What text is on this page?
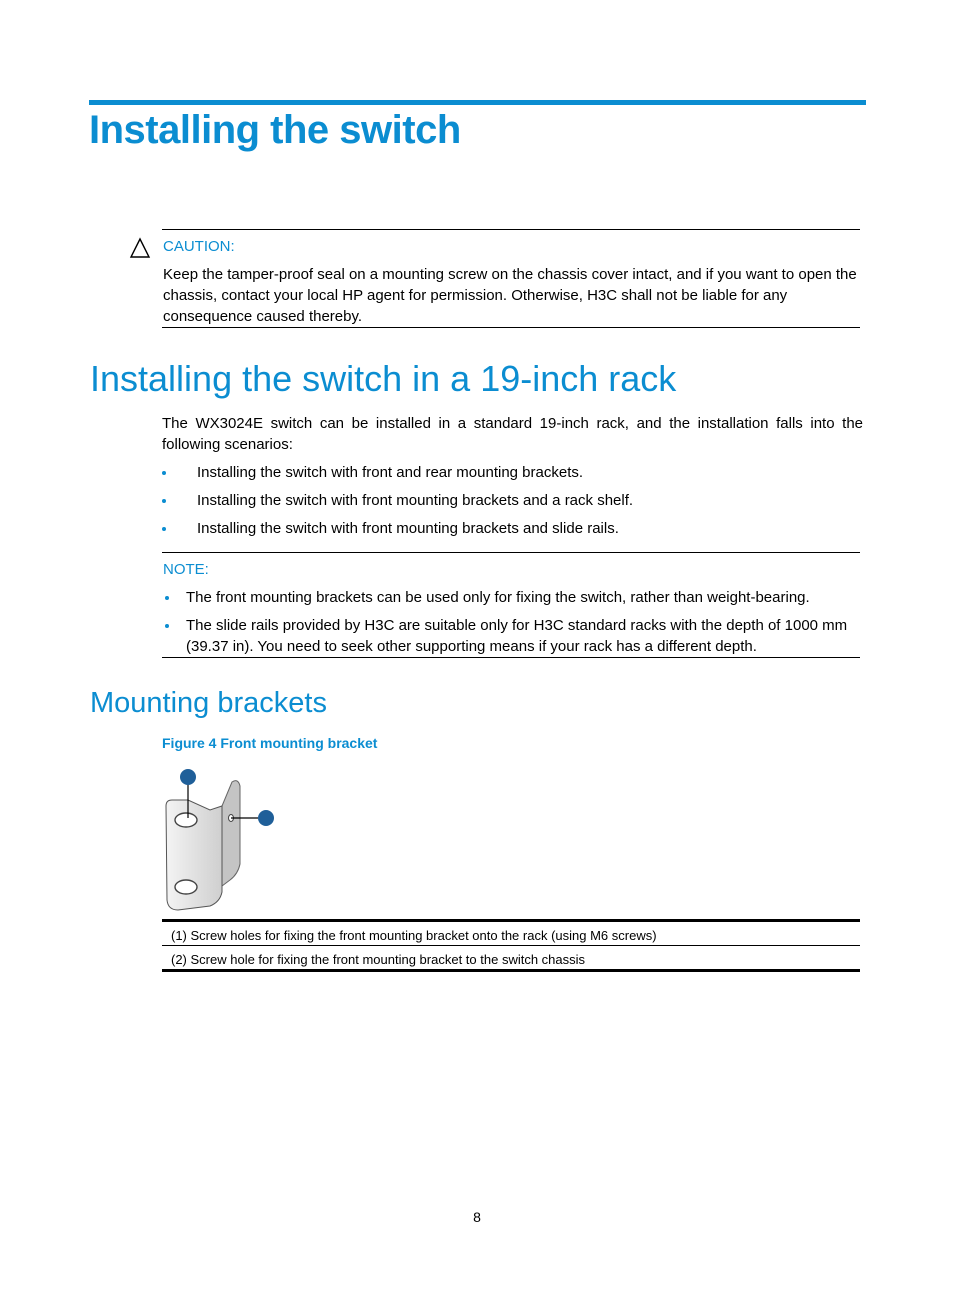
Installing the switch
CAUTION:
Keep the tamper-proof seal on a mounting screw on the chassis cover intact, and if you want to open the chassis, contact your local HP agent for permission. Otherwise, H3C shall not be liable for any consequence caused thereby.
Installing the switch in a 19-inch rack
The WX3024E switch can be installed in a standard 19-inch rack, and the installation falls into the following scenarios:
Installing the switch with front and rear mounting brackets.
Installing the switch with front mounting brackets and a rack shelf.
Installing the switch with front mounting brackets and slide rails.
NOTE:
The front mounting brackets can be used only for fixing the switch, rather than weight-bearing.
The slide rails provided by H3C are suitable only for H3C standard racks with the depth of 1000 mm (39.37 in). You need to seek other supporting means if your rack has a different depth.
Mounting brackets
Figure 4 Front mounting bracket
(1) Screw holes for fixing the front mounting bracket onto the rack (using M6 screws)
(2) Screw hole for fixing the front mounting bracket to the switch chassis
8
